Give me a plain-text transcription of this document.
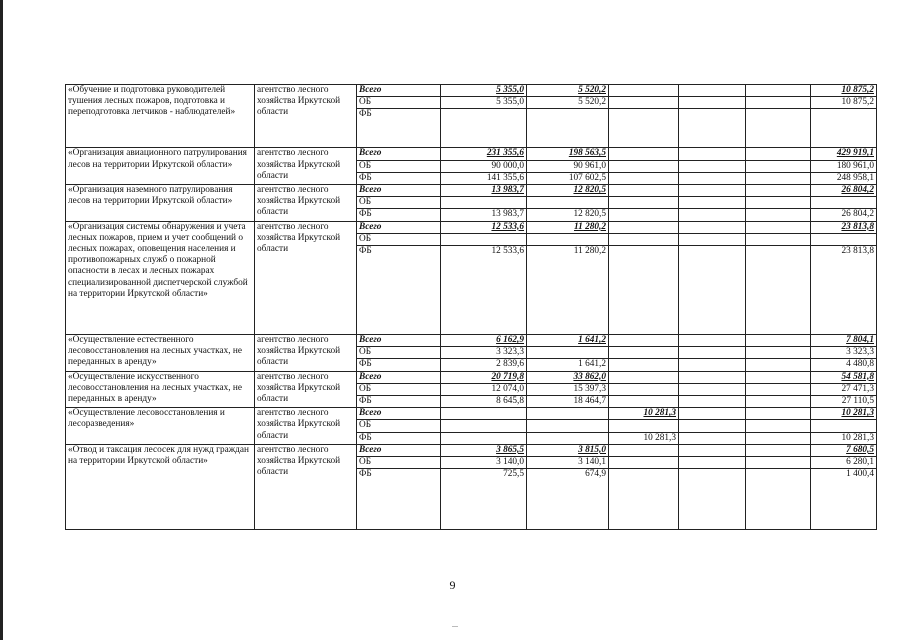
«Обучение и подготовка руководителей тушения лесных пожаров, подготовка и переподготовка летчиков - наблюдателей»	агентство лесного хозяйства Иркутской области	Всего	5 355,0	5 520,2				10 875,2
		ОБ	5 355,0	5 520,2				10 875,2
		ФБ						

«Организация авиационного патрулирования лесов на территории Иркутской области»	агентство лесного хозяйства Иркутской области	Всего	231 355,6	198 563,5				429 919,1
		ОБ	90 000,0	90 961,0				180 961,0
		ФБ	141 355,6	107 602,5				248 958,1

«Организация наземного патрулирования лесов на территории Иркутской области»	агентство лесного хозяйства Иркутской области	Всего	13 983,7	12 820,5				26 804,2
		ОБ						
		ФБ	13 983,7	12 820,5				26 804,2

«Организация системы обнаружения и учета лесных пожаров, прием и учет сообщений о лесных пожарах, оповещения населения и противопожарных служб о пожарной опасности в лесах и лесных пожарах специализированной диспетчерской службой на территории Иркутской области»	агентство лесного хозяйства Иркутской области	Всего	12 533,6	11 280,2				23 813,8
		ОБ						
		ФБ	12 533,6	11 280,2				23 813,8

«Осуществление естественного лесовосстановления на лесных участках, не переданных в аренду»	агентство лесного хозяйства Иркутской области	Всего	6 162,9	1 641,2				7 804,1
		ОБ	3 323,3					3 323,3
		ФБ	2 839,6	1 641,2				4 480,8

«Осуществление искусственного лесовосстановления на лесных участках, не переданных в аренду»	агентство лесного хозяйства Иркутской области	Всего	20 719,8	33 862,0				54 581,8
		ОБ	12 074,0	15 397,3				27 471,3
		ФБ	8 645,8	18 464,7				27 110,5

«Осуществление лесовосстановления и лесоразведения»	агентство лесного хозяйства Иркутской области	Всего			10 281,3			10 281,3
		ОБ						
		ФБ			10 281,3			10 281,3

«Отвод и таксация лесосек для нужд граждан на территории Иркутской области»	агентство лесного хозяйства Иркутской области	Всего	3 865,5	3 815,0				7 680,5
		ОБ	3 140,0	3 140,1				6 280,1
		ФБ	725,5	674,9				1 400,4
9
